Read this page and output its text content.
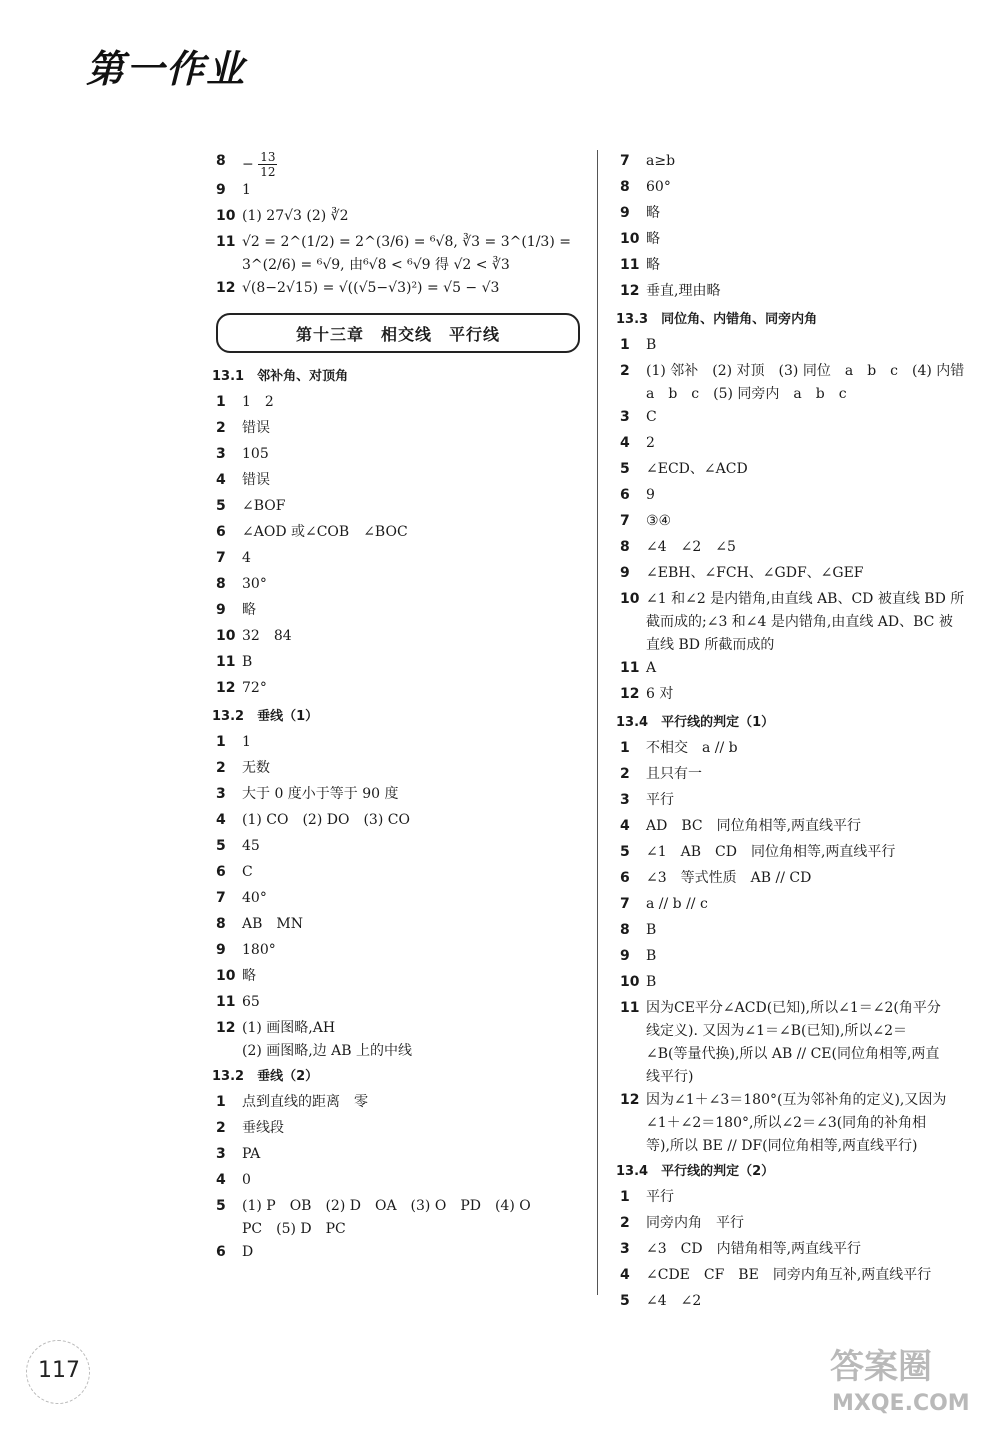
第一作业
8	− $\frac{13}{12}$
9	1
10 (1) 27√3 (2) ∛2
11 √2 = 2^(1/2) = 2^(3/6) = ⁶√8, ∛3 = 3^(1/3) = 3^(2/6) = ⁶√9, 由⁶√8 < ⁶√9 得 √2 < ∛3
12 √(8−2√15) = √((√5−√3)²) = √5 − √3
第十三章　相交线　平行线
13.1　邻补角、对顶角
1	1　2
2	错误
3	105
4	错误
5	∠BOF
6	∠AOD 或∠COB　∠BOC
7	4
8	30°
9	略
10 32　84
11 B
12 72°
13.2　垂线（1）
1	1
2	无数
3	大于 0 度小于等于 90 度
4	(1) CO　(2) DO　(3) CO
5	45
6	C
7	40°
8	AB　MN
9	180°
10 略
11 65
12 (1) 画图略,AH
(2) 画图略,边 AB 上的中线
13.2　垂线（2）
1	点到直线的距离　零
2	垂线段
3	PA
4	0
5	(1) P　OB　(2) D　OA　(3) O　PD　(4) O
PC　(5) D　PC
6	D
7	a≥b
8	60°
9	略
10 略
11 略
12 垂直,理由略
13.3　同位角、内错角、同旁内角
1	B
2	(1) 邻补　(2) 对顶　(3) 同位　a　b　c　(4) 内错
a　b　c　(5) 同旁内　a　b　c
3	C
4	2
5	∠ECD、∠ACD
6	9
7	③④
8	∠4　∠2　∠5
9	∠EBH、∠FCH、∠GDF、∠GEF
10 ∠1 和∠2 是内错角,由直线 AB、CD 被直线 BD 所
截而成的;∠3 和∠4 是内错角,由直线 AD、BC 被
直线 BD 所截而成的
11 A
12 6 对
13.4　平行线的判定（1）
1	不相交　a // b
2	且只有一
3	平行
4	AD　BC　同位角相等,两直线平行
5	∠1　AB　CD　同位角相等,两直线平行
6	∠3　等式性质　AB // CD
7	a // b // c
8	B
9	B
10 B
11 因为CE平分∠ACD(已知),所以∠1＝∠2(角平分
线定义). 又因为∠1＝∠B(已知),所以∠2＝
∠B(等量代换),所以 AB // CE(同位角相等,两直
线平行)
12 因为∠1＋∠3＝180°(互为邻补角的定义),又因为
∠1＋∠2＝180°,所以∠2＝∠3(同角的补角相
等),所以 BE // DF(同位角相等,两直线平行)
13.4　平行线的判定（2）
1	平行
2	同旁内角　平行
3	∠3　CD　内错角相等,两直线平行
4	∠CDE　CF　BE　同旁内角互补,两直线平行
5	∠4　∠2
117	答案圈
MXQE.COM
